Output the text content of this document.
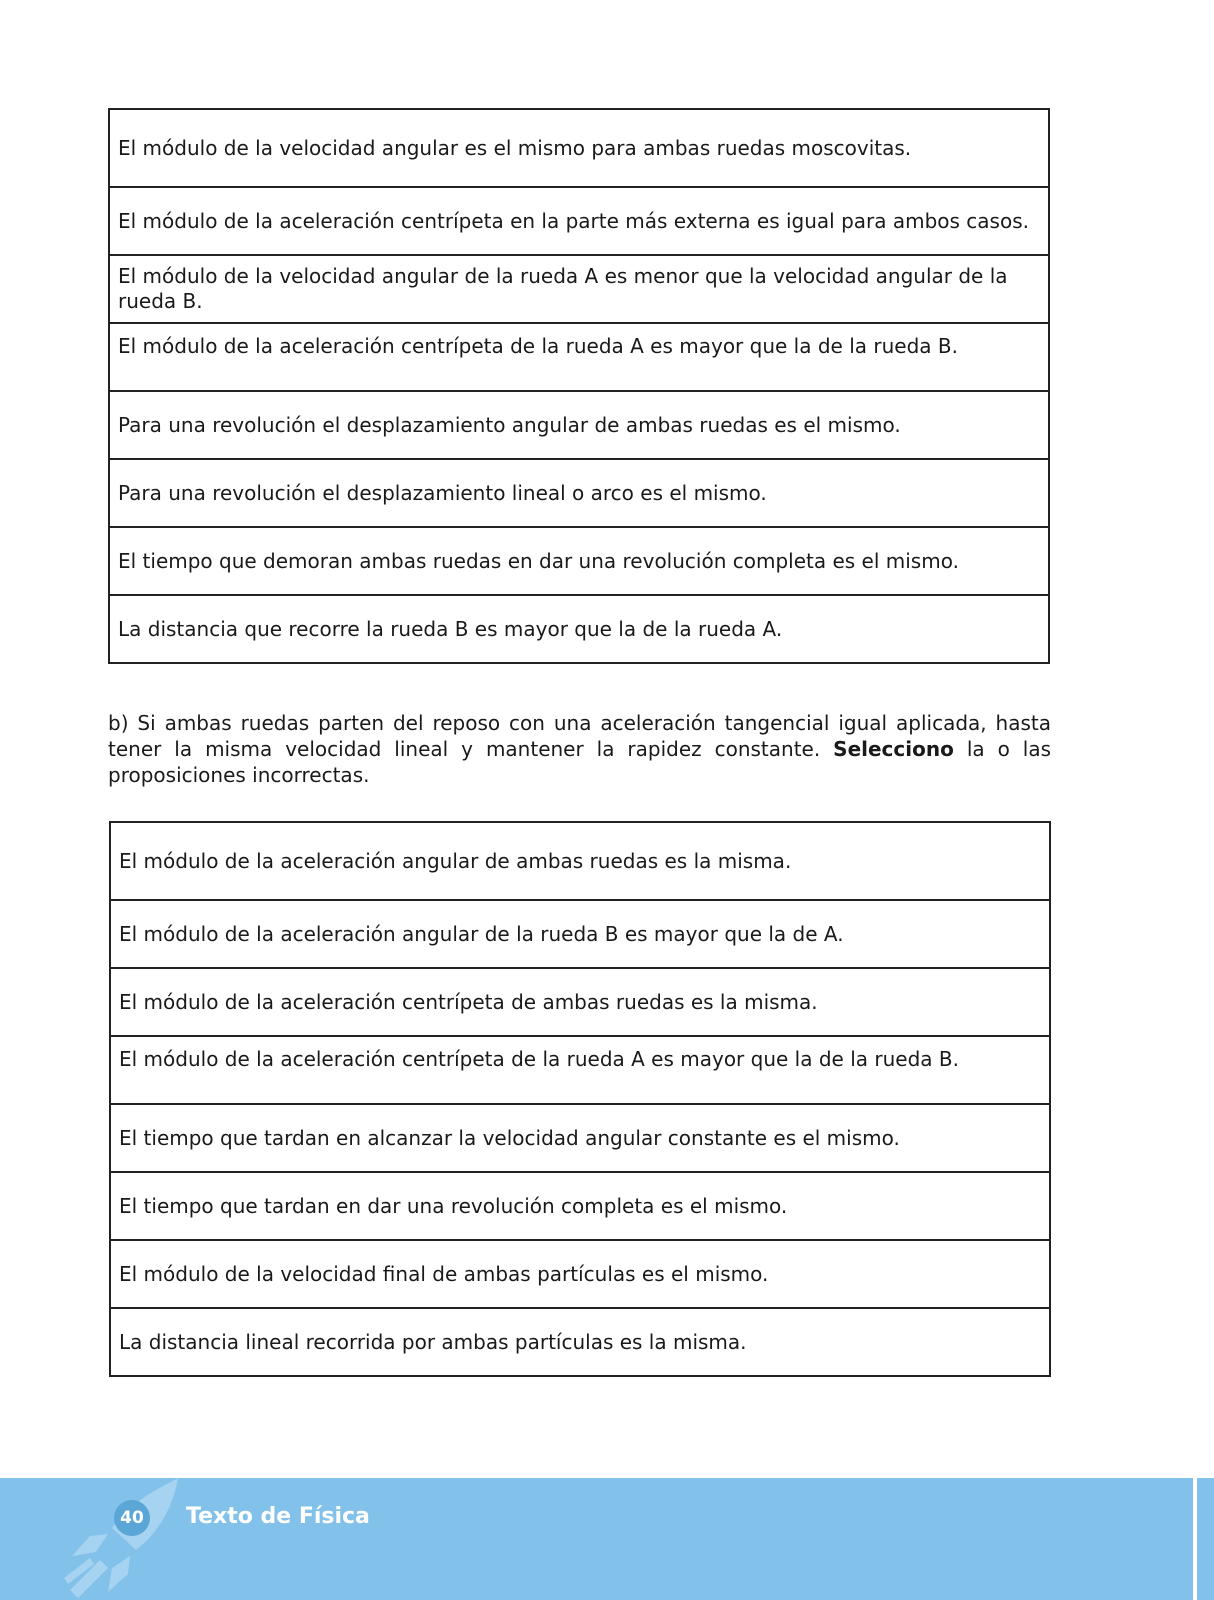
El módulo de la velocidad angular es el mismo para ambas ruedas moscovitas.
El módulo de la aceleración centrípeta en la parte más externa es igual para ambos casos.
El módulo de la velocidad angular de la rueda A es menor que la velocidad angular de la rueda B.
El módulo de la aceleración centrípeta de la rueda A es mayor que la de la rueda B.
Para una revolución el desplazamiento angular de ambas ruedas es el mismo.
Para una revolución el desplazamiento lineal o arco es el mismo.
El tiempo que demoran ambas ruedas en dar una revolución completa es el mismo.
La distancia que recorre la rueda B es mayor que la de la rueda A.

b) Si ambas ruedas parten del reposo con una aceleración tangencial igual aplicada, hasta tener la misma velocidad lineal y mantener la rapidez constante. Selecciono la o las proposiciones incorrectas.

El módulo de la aceleración angular de ambas ruedas es la misma.
El módulo de la aceleración angular de la rueda B es mayor que la de A.
El módulo de la aceleración centrípeta de ambas ruedas es la misma.
El módulo de la aceleración centrípeta de la rueda A es mayor que la de la rueda B.
El tiempo que tardan en alcanzar la velocidad angular constante es el mismo.
El tiempo que tardan en dar una revolución completa es el mismo.
El módulo de la velocidad final de ambas partículas es el mismo.
La distancia lineal recorrida por ambas partículas es la misma.
40 Texto de Física
